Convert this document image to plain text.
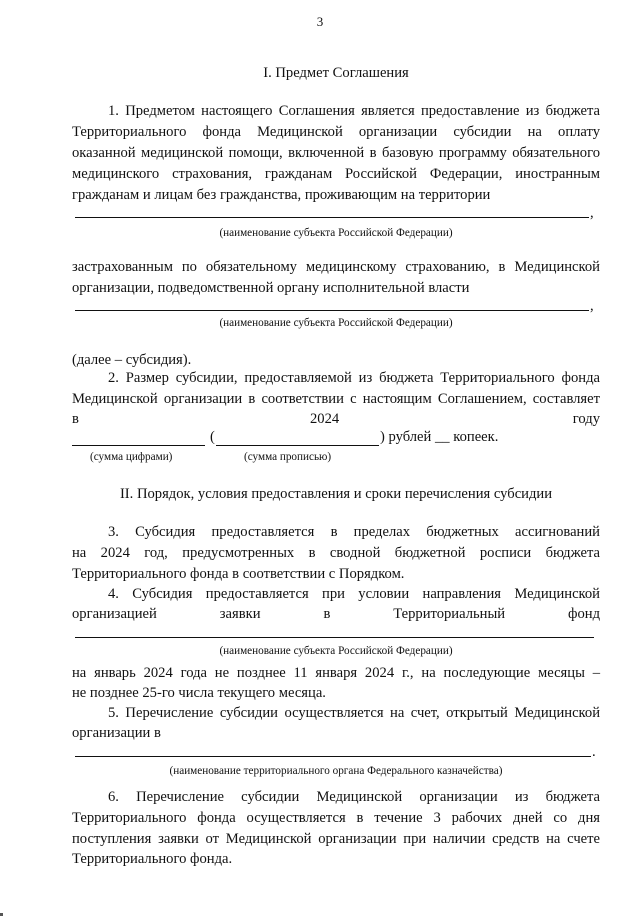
3
I. Предмет Соглашения
1. Предметом настоящего Соглашения является предоставление из бюджета
Территориального фонда Медицинской организации субсидии на оплату
оказанной медицинской помощи, включенной в базовую программу обязательного
медицинского страхования, гражданам Российской Федерации, иностранным
гражданам и лицам без гражданства, проживающим на территории
,
(наименование субъекта Российской Федерации)
застрахованным по обязательному медицинскому страхованию, в Медицинской
организации, подведомственной органу исполнительной власти
,
(наименование субъекта Российской Федерации)
(далее – субсидия).
2. Размер субсидии, предоставляемой из бюджета Территориального фонда
Медицинской организации в соответствии с настоящим Соглашением, составляет
в	2024	году
(	) рублей __ копеек.
(сумма цифрами)	(сумма прописью)
II. Порядок, условия предоставления и сроки перечисления субсидии
3. Субсидия предоставляется в пределах бюджетных ассигнований
на 2024 год, предусмотренных в сводной бюджетной росписи бюджета
Территориального фонда в соответствии с Порядком.
4. Субсидия предоставляется при условии направления Медицинской
организацией заявки в Территориальный фонд
(наименование субъекта Российской Федерации)
на январь 2024 года не позднее 11 января 2024 г., на последующие месяцы –
не позднее 25-го числа текущего месяца.
5. Перечисление субсидии осуществляется на счет, открытый Медицинской
организации в
.
(наименование территориального органа Федерального казначейства)
6. Перечисление субсидии Медицинской организации из бюджета
Территориального фонда осуществляется в течение 3 рабочих дней со дня
поступления заявки от Медицинской организации при наличии средств на счете
Территориального фонда.
